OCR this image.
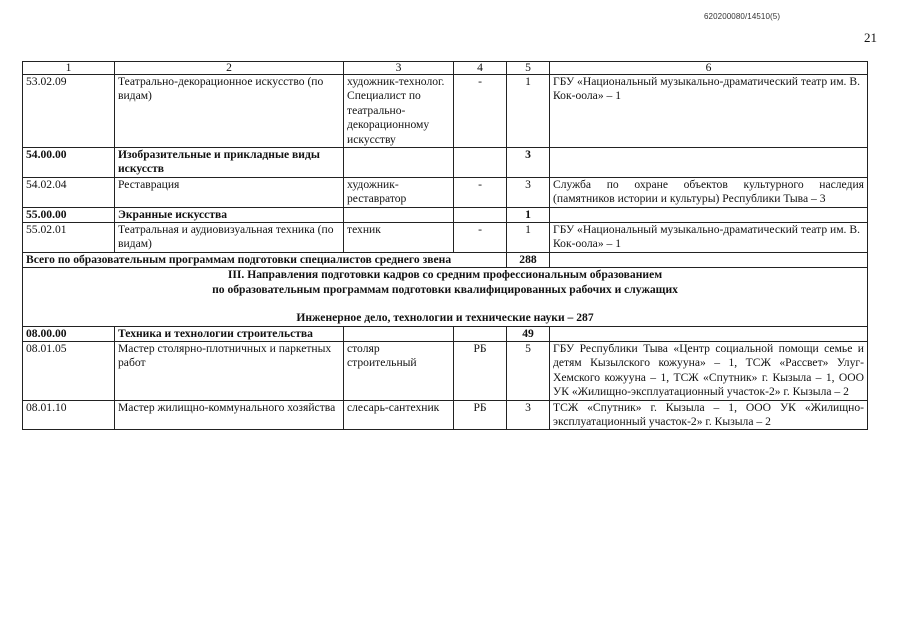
620200080/14510(5)
21
1	2	3	4	5	6
53.02.09	Театрально-декорационное искусство (по видам)	художник-технолог. Специалист по театрально-декорационному искусству	-	1	ГБУ «Национальный музыкально-драматический театр им. В. Кок-оола» – 1
54.00.00	Изобразительные и прикладные виды искусств			3	
54.02.04	Реставрация	художник-реставратор	-	3	Служба по охране объектов культурного наследия (памятников истории и культуры) Республики Тыва – 3
55.00.00	Экранные искусства			1	
55.02.01	Театральная и аудиовизуальная техника (по видам)	техник	-	1	ГБУ «Национальный музыкально-драматический театр им. В. Кок-оола» – 1
Всего по образовательным программам подготовки специалистов среднего звена				288	

III. Направления подготовки кадров со средним профессиональным образованием
по образовательным программам подготовки квалифицированных рабочих и служащих
Инженерное дело, технологии и технические науки – 287					

08.00.00	Техника и технологии строительства			49	
08.01.05	Мастер столярно-плотничных и паркетных работ	столяр строительный	РБ	5	ГБУ Республики Тыва «Центр социальной помощи семье и детям Кызылского кожууна» – 1, ТСЖ «Рассвет» Улуг-Хемского кожууна – 1, ТСЖ «Спутник» г. Кызыла – 1, ООО УК «Жилищно-эксплуатационный участок-2» г. Кызыла – 2
08.01.10	Мастер жилищно-коммунального хозяйства	слесарь-сантехник	РБ	3	ТСЖ «Спутник» г. Кызыла – 1, ООО УК «Жилищно-эксплуатационный участок-2» г. Кызыла – 2
